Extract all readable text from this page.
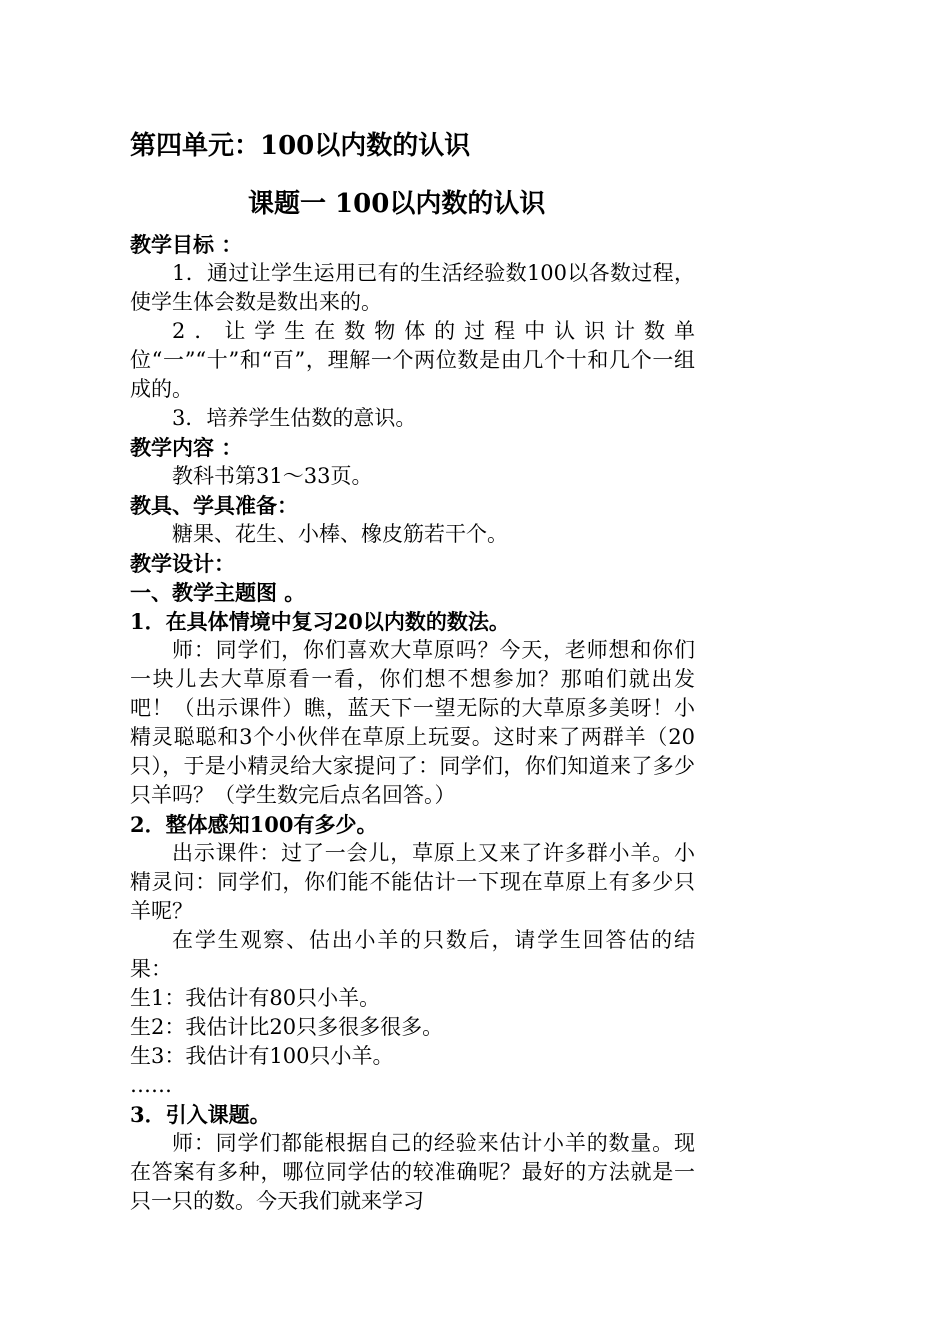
第四单元：100以内数的认识
课题一 100以内数的认识
教学目标 ：
1．通过让学生运用已有的生活经验数100以各数过程，使学生体会数是数出来的。
2．让学生在数物体的过程中认识计数单位“一”“十”和“百”，理解一个两位数是由几个十和几个一组成的。
3．培养学生估数的意识。
教学内容 ：
教科书第31～33页。
教具、学具准备：
糖果、花生、小棒、橡皮筋若干个。
教学设计：
一、教学主题图 。
1．在具体情境中复习20以内数的数法。
师：同学们，你们喜欢大草原吗？今天，老师想和你们一块儿去大草原看一看，你们想不想参加？那咱们就出发吧！（出示课件）瞧，蓝天下一望无际的大草原多美呀！小精灵聪聪和3个小伙伴在草原上玩耍。这时来了两群羊（20只），于是小精灵给大家提问了：同学们，你们知道来了多少只羊吗？（学生数完后点名回答。）
2．整体感知100有多少。
出示课件：过了一会儿，草原上又来了许多群小羊。小精灵问：同学们，你们能不能估计一下现在草原上有多少只羊呢？
在学生观察、估出小羊的只数后，请学生回答估的结果：
生1：我估计有80只小羊。
生2：我估计比20只多很多很多。
生3：我估计有100只小羊。
……
3．引入课题。
师：同学们都能根据自己的经验来估计小羊的数量。现在答案有多种，哪位同学估的较准确呢？最好的方法就是一只一只的数。今天我们就来学习
